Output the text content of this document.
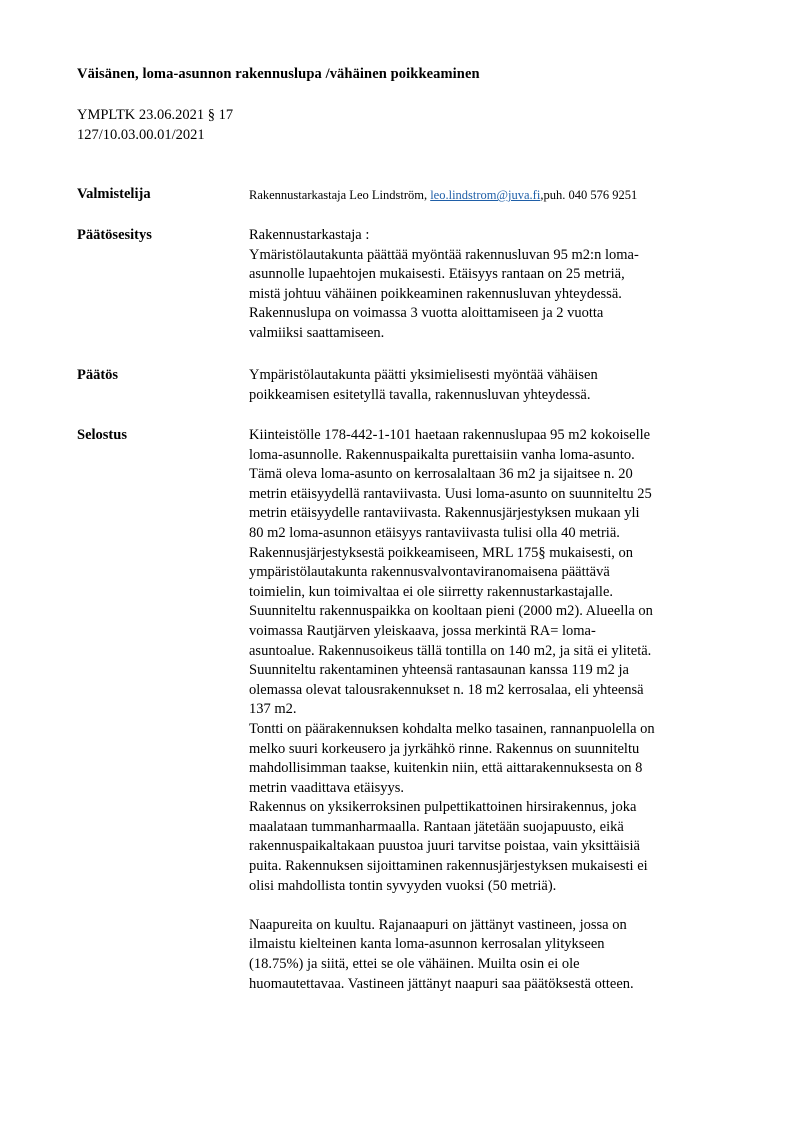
Väisänen, loma-asunnon rakennuslupa /vähäinen poikkeaminen
YMPLTK 23.06.2021 § 17
127/10.03.00.01/2021
Valmistelija	Rakennustarkastaja Leo Lindström, leo.lindstrom@juva.fi,puh. 040 576 9251
Päätösesitys	Rakennustarkastaja :
Ymäristölautakunta päättää myöntää rakennusluvan 95 m2:n loma-
asunnolle lupaehtojen mukaisesti. Etäisyys rantaan on 25 metriä,
mistä johtuu vähäinen poikkeaminen rakennusluvan yhteydessä.
Rakennuslupa on voimassa 3 vuotta aloittamiseen ja 2 vuotta
valmiiksi saattamiseen.
Päätös	Ympäristölautakunta päätti yksimielisesti myöntää vähäisen
poikkeamisen esitetyllä tavalla, rakennusluvan yhteydessä.
Selostus	Kiinteistölle 178-442-1-101 haetaan rakennuslupaa 95 m2 kokoiselle
loma-asunnolle. Rakennuspaikalta purettaisiin vanha loma-asunto.
Tämä oleva loma-asunto on kerrosalaltaan 36 m2 ja sijaitsee n. 20
metrin etäisyydellä rantaviivasta. Uusi loma-asunto on suunniteltu 25
metrin etäisyydelle rantaviivasta. Rakennusjärjestyksen mukaan yli
80 m2 loma-asunnon etäisyys rantaviivasta tulisi olla 40 metriä.
Rakennusjärjestyksestä poikkeamiseen, MRL 175§ mukaisesti, on
ympäristölautakunta rakennusvalvontaviranomaisena päättävä
toimielin, kun toimivaltaa ei ole siirretty rakennustarkastajalle.
Suunniteltu rakennuspaikka on kooltaan pieni (2000 m2). Alueella on
voimassa Rautjärven yleiskaava, jossa merkintä RA= loma-
asuntoalue. Rakennusoikeus tällä tontilla on 140 m2, ja sitä ei ylitetä.
Suunniteltu rakentaminen yhteensä rantasaunan kanssa 119 m2 ja
olemassa olevat talousrakennukset n. 18 m2 kerrosalaa, eli yhteensä
137 m2.
Tontti on päärakennuksen kohdalta melko tasainen, rannanpuolella on
melko suuri korkeusero ja jyrkähkö rinne. Rakennus on suunniteltu
mahdollisimman taakse, kuitenkin niin, että aittarakennuksesta on 8
metrin vaadittava etäisyys.
Rakennus on yksikerroksinen pulpettikattoinen hirsirakennus, joka
maalataan tummanharmaalla. Rantaan jätetään suojapuusto, eikä
rakennuspaikaltakaan puustoa juuri tarvitse poistaa, vain yksittäisiä
puita. Rakennuksen sijoittaminen rakennusjärjestyksen mukaisesti ei
olisi mahdollista tontin syvyyden vuoksi (50 metriä).
Naapureita on kuultu. Rajanaapuri on jättänyt vastineen, jossa on
ilmaistu kielteinen kanta loma-asunnon kerrosalan ylitykseen
(18.75%) ja siitä, ettei se ole vähäinen. Muilta osin ei ole
huomautettavaa. Vastineen jättänyt naapuri saa päätöksestä otteen.
